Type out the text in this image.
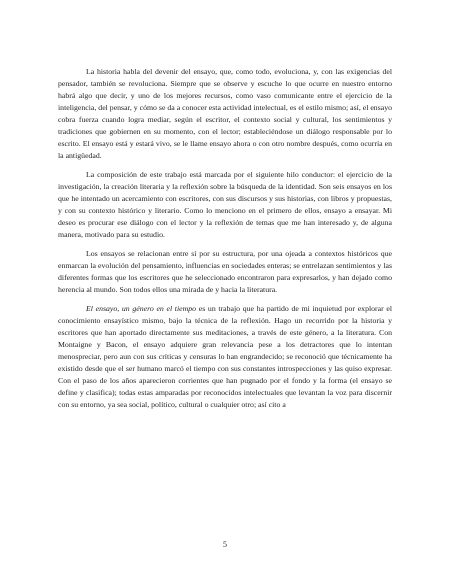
La historia habla del devenir del ensayo, que, como todo, evoluciona, y, con las exigencias del pensador, también se revoluciona. Siempre que se observe y escuche lo que ocurre en nuestro entorno habrá algo que decir, y uno de los mejores recursos, como vaso comunicante entre el ejercicio de la inteligencia, del pensar, y cómo se da a conocer esta actividad intelectual, es el estilo mismo; así, el ensayo cobra fuerza cuando logra mediar, según el escritor, el contexto social y cultural, los sentimientos y tradiciones que gobiernen en su momento, con el lector; estableciéndose un diálogo responsable por lo escrito. El ensayo está y estará vivo, se le llame ensayo ahora o con otro nombre después, como ocurría en la antigüedad.

La composición de este trabajo está marcada por el siguiente hilo conductor: el ejercicio de la investigación, la creación literaria y la reflexión sobre la búsqueda de la identidad. Son seis ensayos en los que he intentado un acercamiento con escritores, con sus discursos y sus historias, con libros y propuestas, y con su contexto histórico y literario. Como lo menciono en el primero de ellos, ensayo a ensayar. Mi deseo es procurar ese diálogo con el lector y la reflexión de temas que me han interesado y, de alguna manera, motivado para su estudio.

Los ensayos se relacionan entre sí por su estructura, por una ojeada a contextos históricos que enmarcan la evolución del pensamiento, influencias en sociedades enteras; se entrelazan sentimientos y las diferentes formas que los escritores que he seleccionado encontraron para expresarlos, y han dejado como herencia al mundo. Son todos ellos una mirada de y hacia la literatura.

El ensayo, un género en el tiempo es un trabajo que ha partido de mi inquietud por explorar el conocimiento ensayístico mismo, bajo la técnica de la reflexión. Hago un recorrido por la historia y escritores que han aportado directamente sus meditaciones, a través de este género, a la literatura. Con Montaigne y Bacon, el ensayo adquiere gran relevancia pese a los detractores que lo intentan menospreciar, pero aun con sus críticas y censuras lo han engrandecido; se reconoció que técnicamente ha existido desde que el ser humano marcó el tiempo con sus constantes introspecciones y las quiso expresar. Con el paso de los años aparecieron corrientes que han pugnado por el fondo y la forma (el ensayo se define y clasifica); todas estas amparadas por reconocidos intelectuales que levantan la voz para discernir con su entorno, ya sea social, político, cultural o cualquier otro; así cito a

5
